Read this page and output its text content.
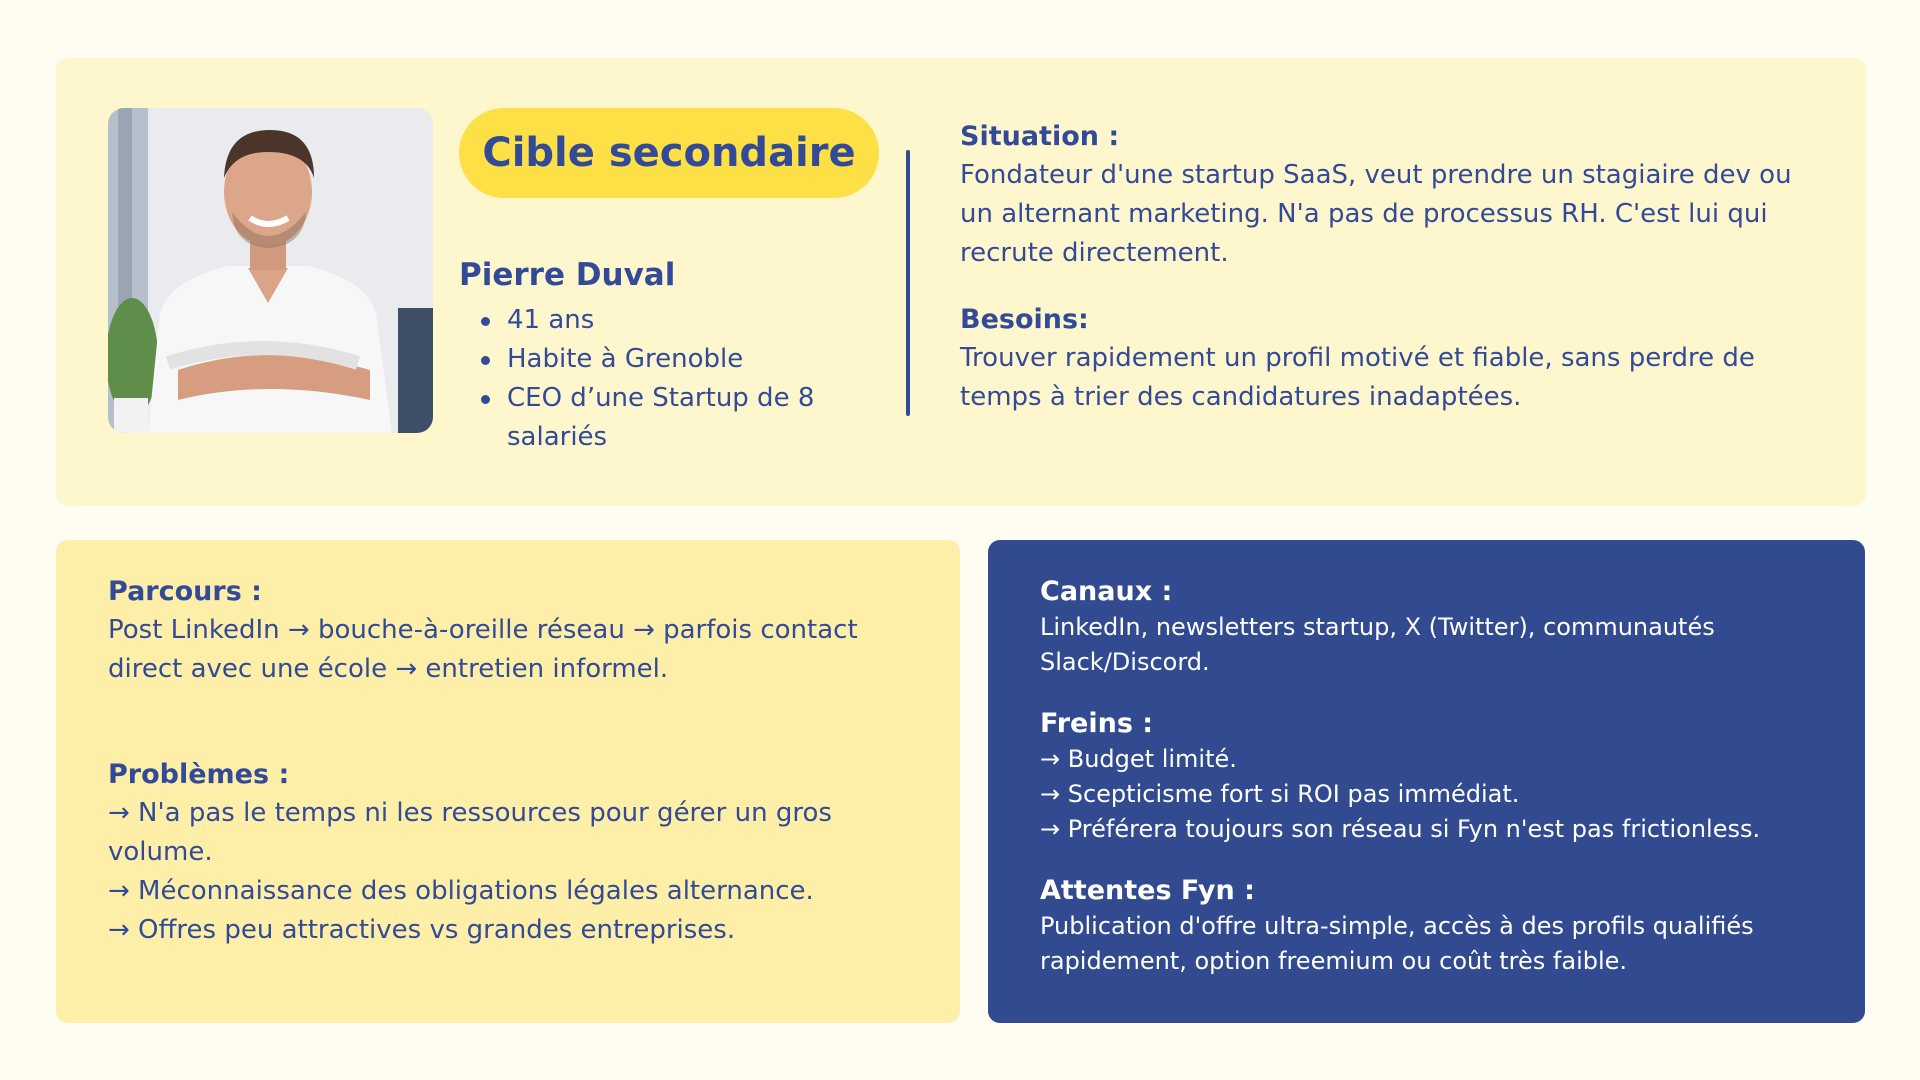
Cible secondaire
Pierre Duval
41 ans
Habite à Grenoble
CEO d’une Startup de 8 salariés
Situation :
Fondateur d'une startup SaaS, veut prendre un stagiaire dev ou un alternant marketing. N'a pas de processus RH. C'est lui qui recrute directement.
Besoins:
Trouver rapidement un profil motivé et fiable, sans perdre de temps à trier des candidatures inadaptées.
Parcours :
Post LinkedIn → bouche-à-oreille réseau → parfois contact direct avec une école → entretien informel.
Problèmes :
→ N'a pas le temps ni les ressources pour gérer un gros volume.
→ Méconnaissance des obligations légales alternance.
→ Offres peu attractives vs grandes entreprises.
Canaux :
LinkedIn, newsletters startup, X (Twitter), communautés Slack/Discord.
Freins :
→ Budget limité.
→ Scepticisme fort si ROI pas immédiat.
→ Préférera toujours son réseau si Fyn n'est pas frictionless.
Attentes Fyn :
Publication d'offre ultra-simple, accès à des profils qualifiés rapidement, option freemium ou coût très faible.
